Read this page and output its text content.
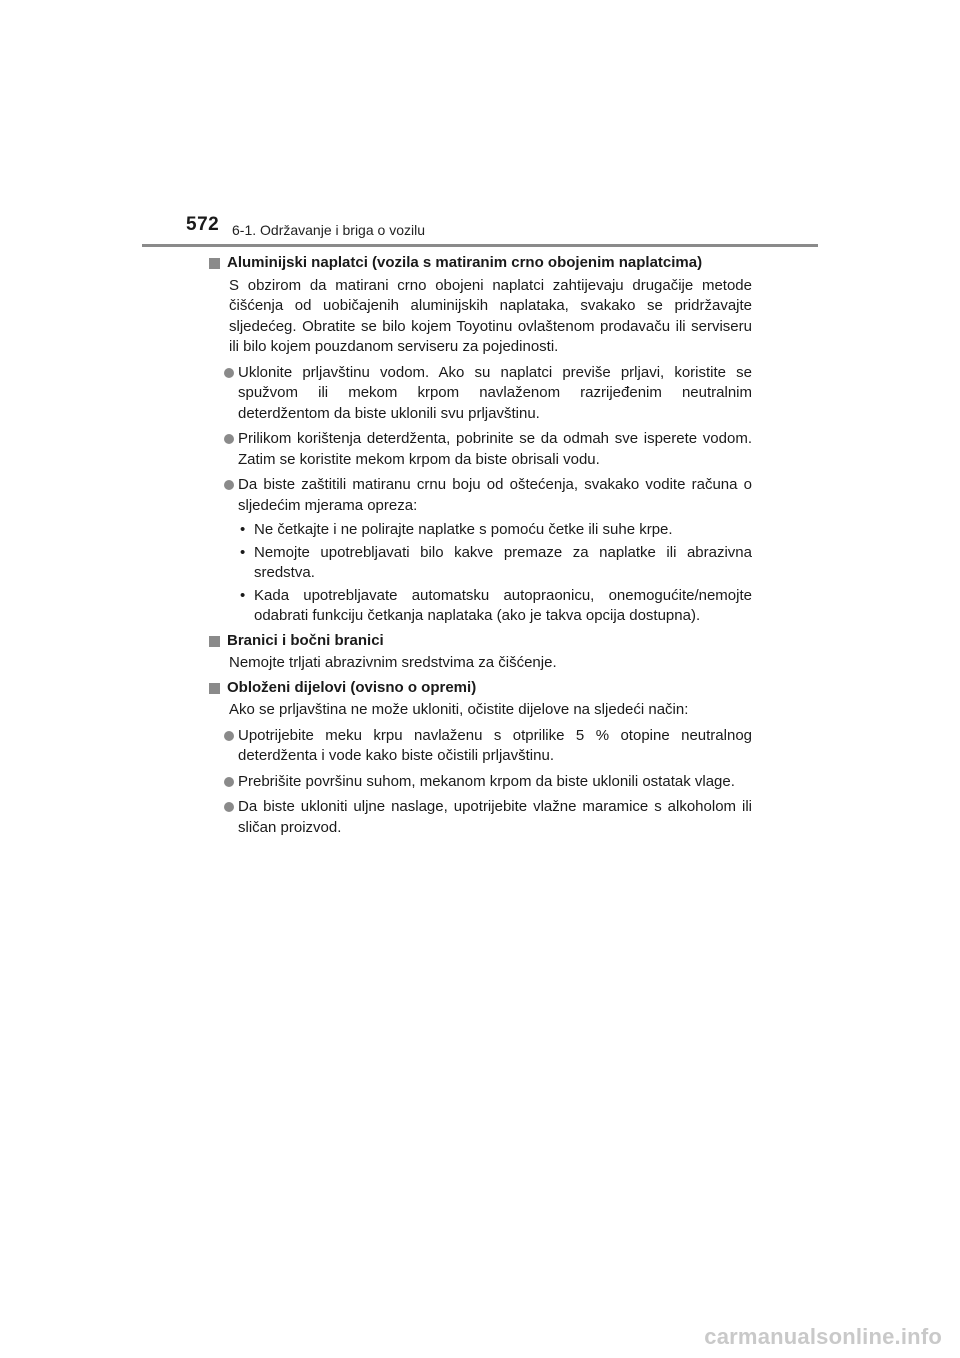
572 6-1. Održavanje i briga o vozilu
Aluminijski naplatci (vozila s matiranim crno obojenim naplatcima)
S obzirom da matirani crno obojeni naplatci zahtijevaju drugačije metode čišćenja od uobičajenih aluminijskih naplataka, svakako se pridržavajte sljedećeg. Obratite se bilo kojem Toyotinu ovlaštenom prodavaču ili serviseru ili bilo kojem pouzdanom serviseru za pojedinosti.
Uklonite prljavštinu vodom. Ako su naplatci previše prljavi, koristite se spužvom ili mekom krpom navlaženom razrijeđenim neutralnim deterdžentom da biste uklonili svu prljavštinu.
Prilikom korištenja deterdženta, pobrinite se da odmah sve isperete vodom. Zatim se koristite mekom krpom da biste obrisali vodu.
Da biste zaštitili matiranu crnu boju od oštećenja, svakako vodite računa o sljedećim mjerama opreza:
• Ne četkajte i ne polirajte naplatke s pomoću četke ili suhe krpe.
• Nemojte upotrebljavati bilo kakve premaze za naplatke ili abrazivna sredstva.
• Kada upotrebljavate automatsku autopraonicu, onemogućite/nemojte odabrati funkciju četkanja naplataka (ako je takva opcija dostupna).
Branici i bočni branici
Nemojte trljati abrazivnim sredstvima za čišćenje.
Obloženi dijelovi (ovisno o opremi)
Ako se prljavština ne može ukloniti, očistite dijelove na sljedeći način:
Upotrijebite meku krpu navlaženu s otprilike 5 % otopine neutralnog deterdženta i vode kako biste očistili prljavštinu.
Prebrišite površinu suhom, mekanom krpom da biste uklonili ostatak vlage.
Da biste ukloniti uljne naslage, upotrijebite vlažne maramice s alkoholom ili sličan proizvod.
carmanualsonline.info
